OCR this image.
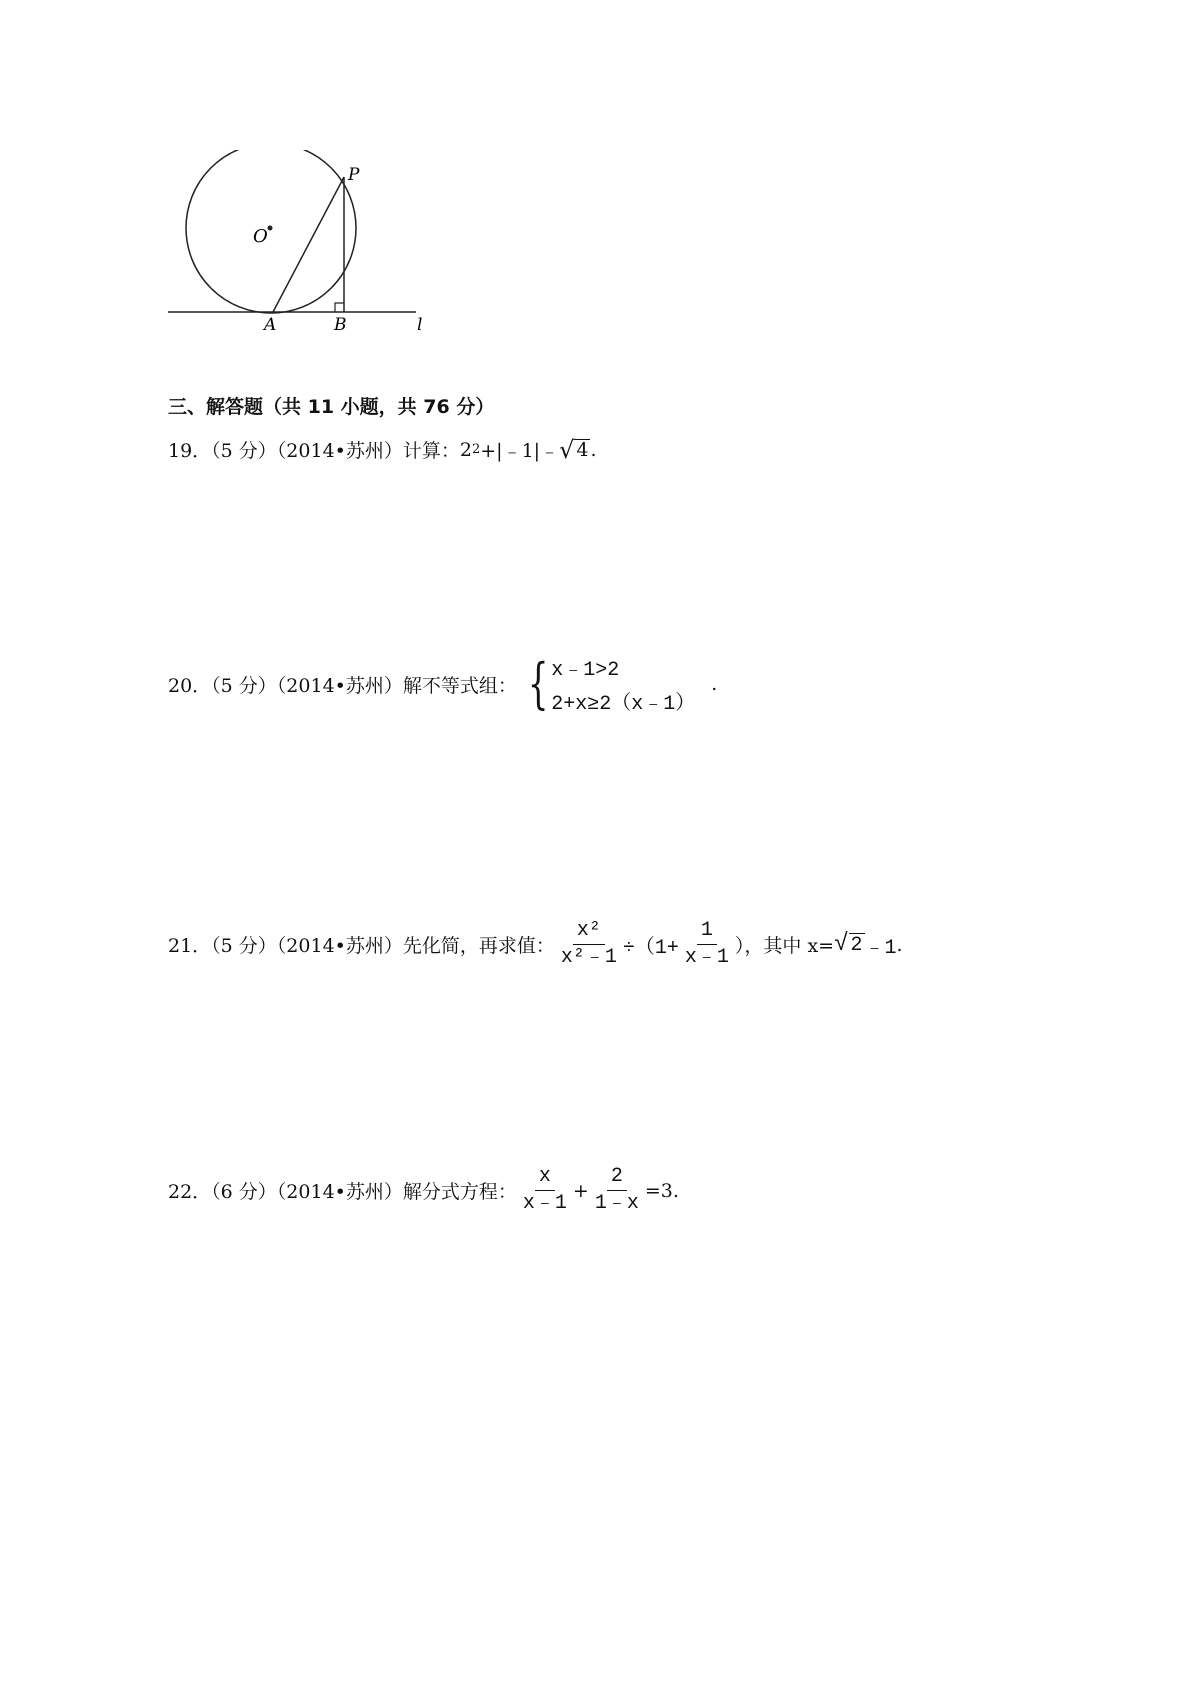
O
P
A	B	l
三、解答题（共 11 小题，共 76 分）
19．（5 分）（2014•苏州）计算： 2 2 +|﹣1|﹣ √ 4 .
20．（5 分）（2014•苏州）解不等式组： { x﹣1>2
2+x≥2（x﹣1）
.
21．（5 分）（2014•苏州）先化简，再求值： $\frac{\text{x²}}{\text{x²﹣1}} \div(1+ \frac{1}{x﹣1}$ ），其中 x= √ 2 ﹣1 .
22．（6 分）（2014•苏州）解分式方程： $\frac{x}{x﹣1} + \frac{2}{1﹣x} =3$.
